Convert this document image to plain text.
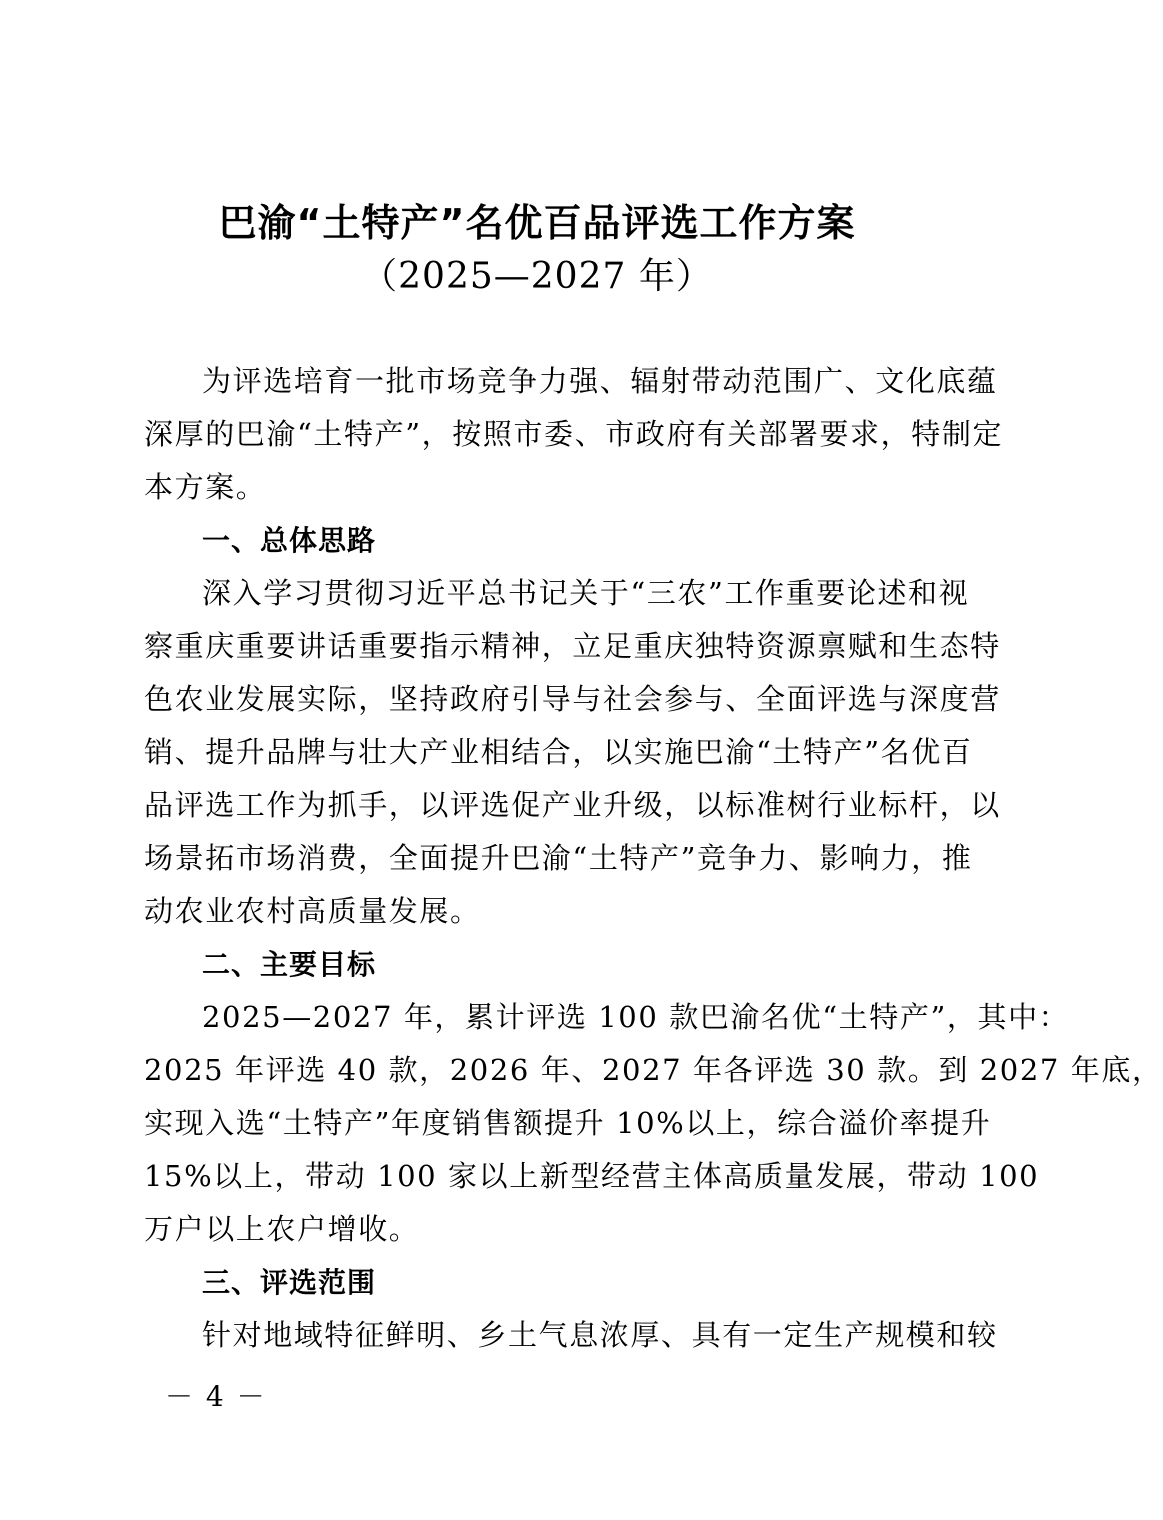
巴渝“土特产”名优百品评选工作方案
（2025—2027 年）
为评选培育一批市场竞争力强、辐射带动范围广、文化底蕴
深厚的巴渝“土特产”，按照市委、市政府有关部署要求，特制定
本方案。
一、总体思路
深入学习贯彻习近平总书记关于“三农”工作重要论述和视
察重庆重要讲话重要指示精神，立足重庆独特资源禀赋和生态特
色农业发展实际，坚持政府引导与社会参与、全面评选与深度营
销、提升品牌与壮大产业相结合，以实施巴渝“土特产”名优百
品评选工作为抓手，以评选促产业升级，以标准树行业标杆，以
场景拓市场消费，全面提升巴渝“土特产”竞争力、影响力，推
动农业农村高质量发展。
二、主要目标
2025—2027 年，累计评选 100 款巴渝名优“土特产”，其中：
2025 年评选 40 款，2026 年、2027 年各评选 30 款。到 2027 年底，
实现入选“土特产”年度销售额提升 10%以上，综合溢价率提升
15%以上，带动 100 家以上新型经营主体高质量发展，带动 100
万户以上农户增收。
三、评选范围
针对地域特征鲜明、乡土气息浓厚、具有一定生产规模和较
－ 4 －
